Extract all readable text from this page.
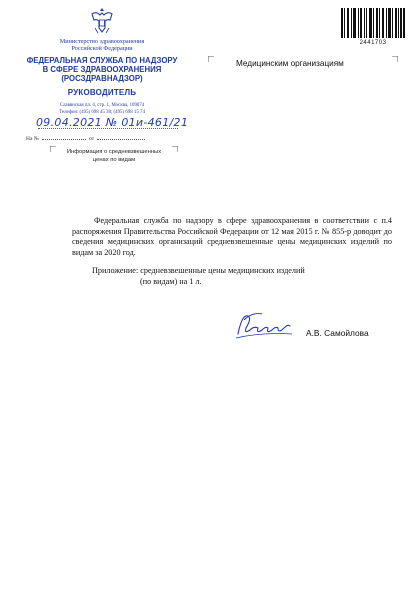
Министерство здравоохранения
Российской Федерации
ФЕДЕРАЛЬНАЯ СЛУЖБА ПО НАДЗОРУ
В СФЕРЕ ЗДРАВООХРАНЕНИЯ
(РОСЗДРАВНАДЗОР)
РУКОВОДИТЕЛЬ
Славянская пл. 4, стр. 1, Москва, 109074
Телефон: (495) 698 45 38; (495) 698 15 74
09.04.2021 № 01и-461/21
На №	от
Информация о средневзвешенных
ценах по видам
2441703
Медицинским организациям
Федеральная служба по надзору в сфере здравоохранения в соответствии с п.4 распоряжения Правительства Российской Федерации от 12 мая 2015 г. № 855-р доводит до сведения медицинских организаций средневзвешенные цены медицинских изделий по видам за 2020 год.
Приложение: средневзвешенные цены медицинских изделий
(по видам) на 1 л.
А.В. Самойлова
